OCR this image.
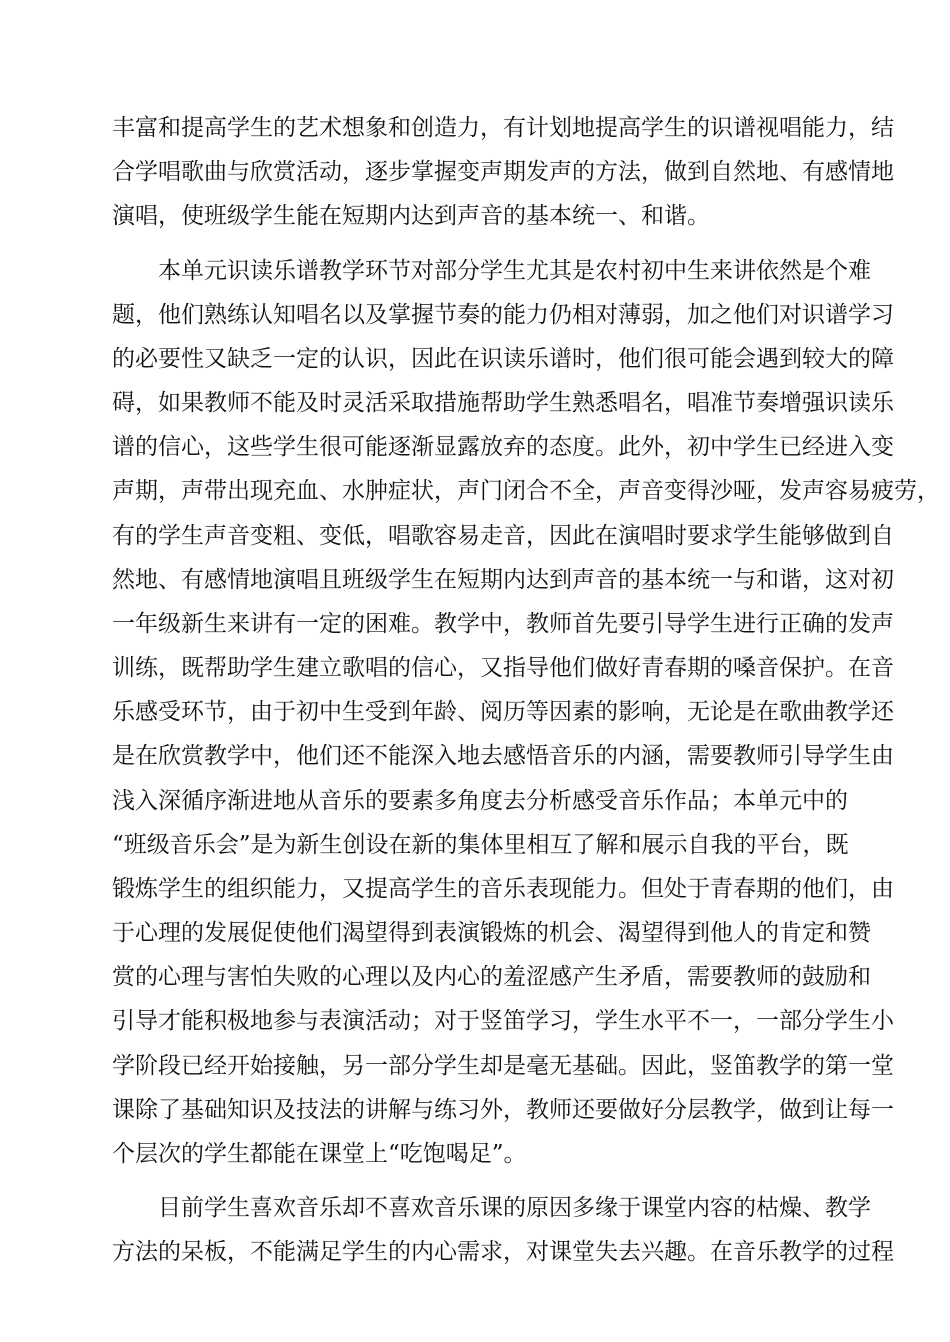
丰富和提高学生的艺术想象和创造力，有计划地提高学生的识谱视唱能力，结
合学唱歌曲与欣赏活动，逐步掌握变声期发声的方法，做到自然地、有感情地
演唱，使班级学生能在短期内达到声音的基本统一、和谐。
本单元识读乐谱教学环节对部分学生尤其是农村初中生来讲依然是个难
题，他们熟练认知唱名以及掌握节奏的能力仍相对薄弱，加之他们对识谱学习
的必要性又缺乏一定的认识，因此在识读乐谱时，他们很可能会遇到较大的障
碍，如果教师不能及时灵活采取措施帮助学生熟悉唱名，唱准节奏增强识读乐
谱的信心，这些学生很可能逐渐显露放弃的态度。此外，初中学生已经进入变
声期，声带出现充血、水肿症状，声门闭合不全，声音变得沙哑，发声容易疲劳，
有的学生声音变粗、变低，唱歌容易走音，因此在演唱时要求学生能够做到自
然地、有感情地演唱且班级学生在短期内达到声音的基本统一与和谐，这对初
一年级新生来讲有一定的困难。教学中，教师首先要引导学生进行正确的发声
训练，既帮助学生建立歌唱的信心，又指导他们做好青春期的嗓音保护。在音
乐感受环节，由于初中生受到年龄、阅历等因素的影响，无论是在歌曲教学还
是在欣赏教学中，他们还不能深入地去感悟音乐的内涵，需要教师引导学生由
浅入深循序渐进地从音乐的要素多角度去分析感受音乐作品；本单元中的
“班级音乐会”是为新生创设在新的集体里相互了解和展示自我的平台，既
锻炼学生的组织能力，又提高学生的音乐表现能力。但处于青春期的他们，由
于心理的发展促使他们渴望得到表演锻炼的机会、渴望得到他人的肯定和赞
赏的心理与害怕失败的心理以及内心的羞涩感产生矛盾，需要教师的鼓励和
引导才能积极地参与表演活动；对于竖笛学习，学生水平不一，一部分学生小
学阶段已经开始接触，另一部分学生却是毫无基础。因此，竖笛教学的第一堂
课除了基础知识及技法的讲解与练习外，教师还要做好分层教学，做到让每一
个层次的学生都能在课堂上“吃饱喝足”。
目前学生喜欢音乐却不喜欢音乐课的原因多缘于课堂内容的枯燥、教学
方法的呆板，不能满足学生的内心需求，对课堂失去兴趣。在音乐教学的过程
